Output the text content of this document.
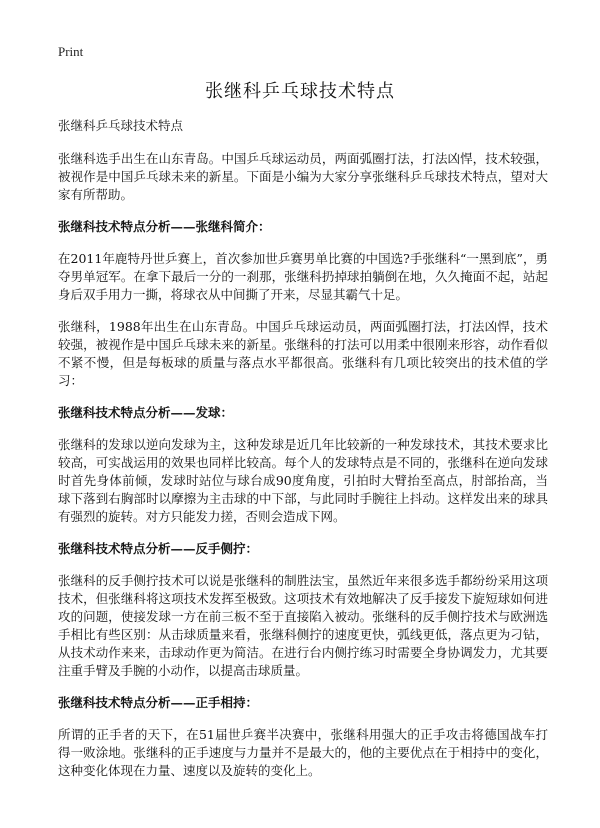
Print
张继科乒乓球技术特点
张继科乒乓球技术特点

张继科选手出生在山东青岛。中国乒乓球运动员，两面弧圈打法，打法凶悍，技术较强，被视作是中国乒乓球未来的新星。下面是小编为大家分享张继科乒乓球技术特点，望对大家有所帮助。

张继科技术特点分析——张继科简介：

在2011年鹿特丹世乒赛上，首次参加世乒赛男单比赛的中国选?手张继科“一黑到底”，勇夺男单冠军。在拿下最后一分的一刹那，张继科扔掉球拍躺倒在地，久久掩面不起，站起身后双手用力一撕，将球衣从中间撕了开来，尽显其霸气十足。

张继科，1988年出生在山东青岛。中国乒乓球运动员，两面弧圈打法，打法凶悍，技术较强，被视作是中国乒乓球未来的新星。张继科的打法可以用柔中很刚来形容，动作看似不紧不慢，但是每板球的质量与落点水平都很高。张继科有几项比较突出的技术值的学习：

张继科技术特点分析——发球：

张继科的发球以逆向发球为主，这种发球是近几年比较新的一种发球技术，其技术要求比较高，可实战运用的效果也同样比较高。每个人的发球特点是不同的，张继科在逆向发球时首先身体前倾，发球时站位与球台成90度角度，引拍时大臂抬至高点，肘部抬高，当球下落到右胸部时以摩擦为主击球的中下部，与此同时手腕往上抖动。这样发出来的球具有强烈的旋转。对方只能发力搓，否则会造成下网。

张继科技术特点分析——反手侧拧：

张继科的反手侧拧技术可以说是张继科的制胜法宝，虽然近年来很多选手都纷纷采用这项技术，但张继科将这项技术发挥至极致。这项技术有效地解决了反手接发下旋短球如何进攻的问题，使接发球一方在前三板不至于直接陷入被动。张继科的反手侧拧技术与欧洲选手相比有些区别：从击球质量来看，张继科侧拧的速度更快，弧线更低，落点更为刁钻，从技术动作来来，击球动作更为简洁。在进行台内侧拧练习时需要全身协调发力，尤其要注重手臂及手腕的小动作，以提高击球质量。

张继科技术特点分析——正手相持：

所谓的正手者的天下，在51届世乒赛半决赛中，张继科用强大的正手攻击将德国战车打得一败涂地。张继科的正手速度与力量并不是最大的，他的主要优点在于相持中的变化，这种变化体现在力量、速度以及旋转的变化上。
